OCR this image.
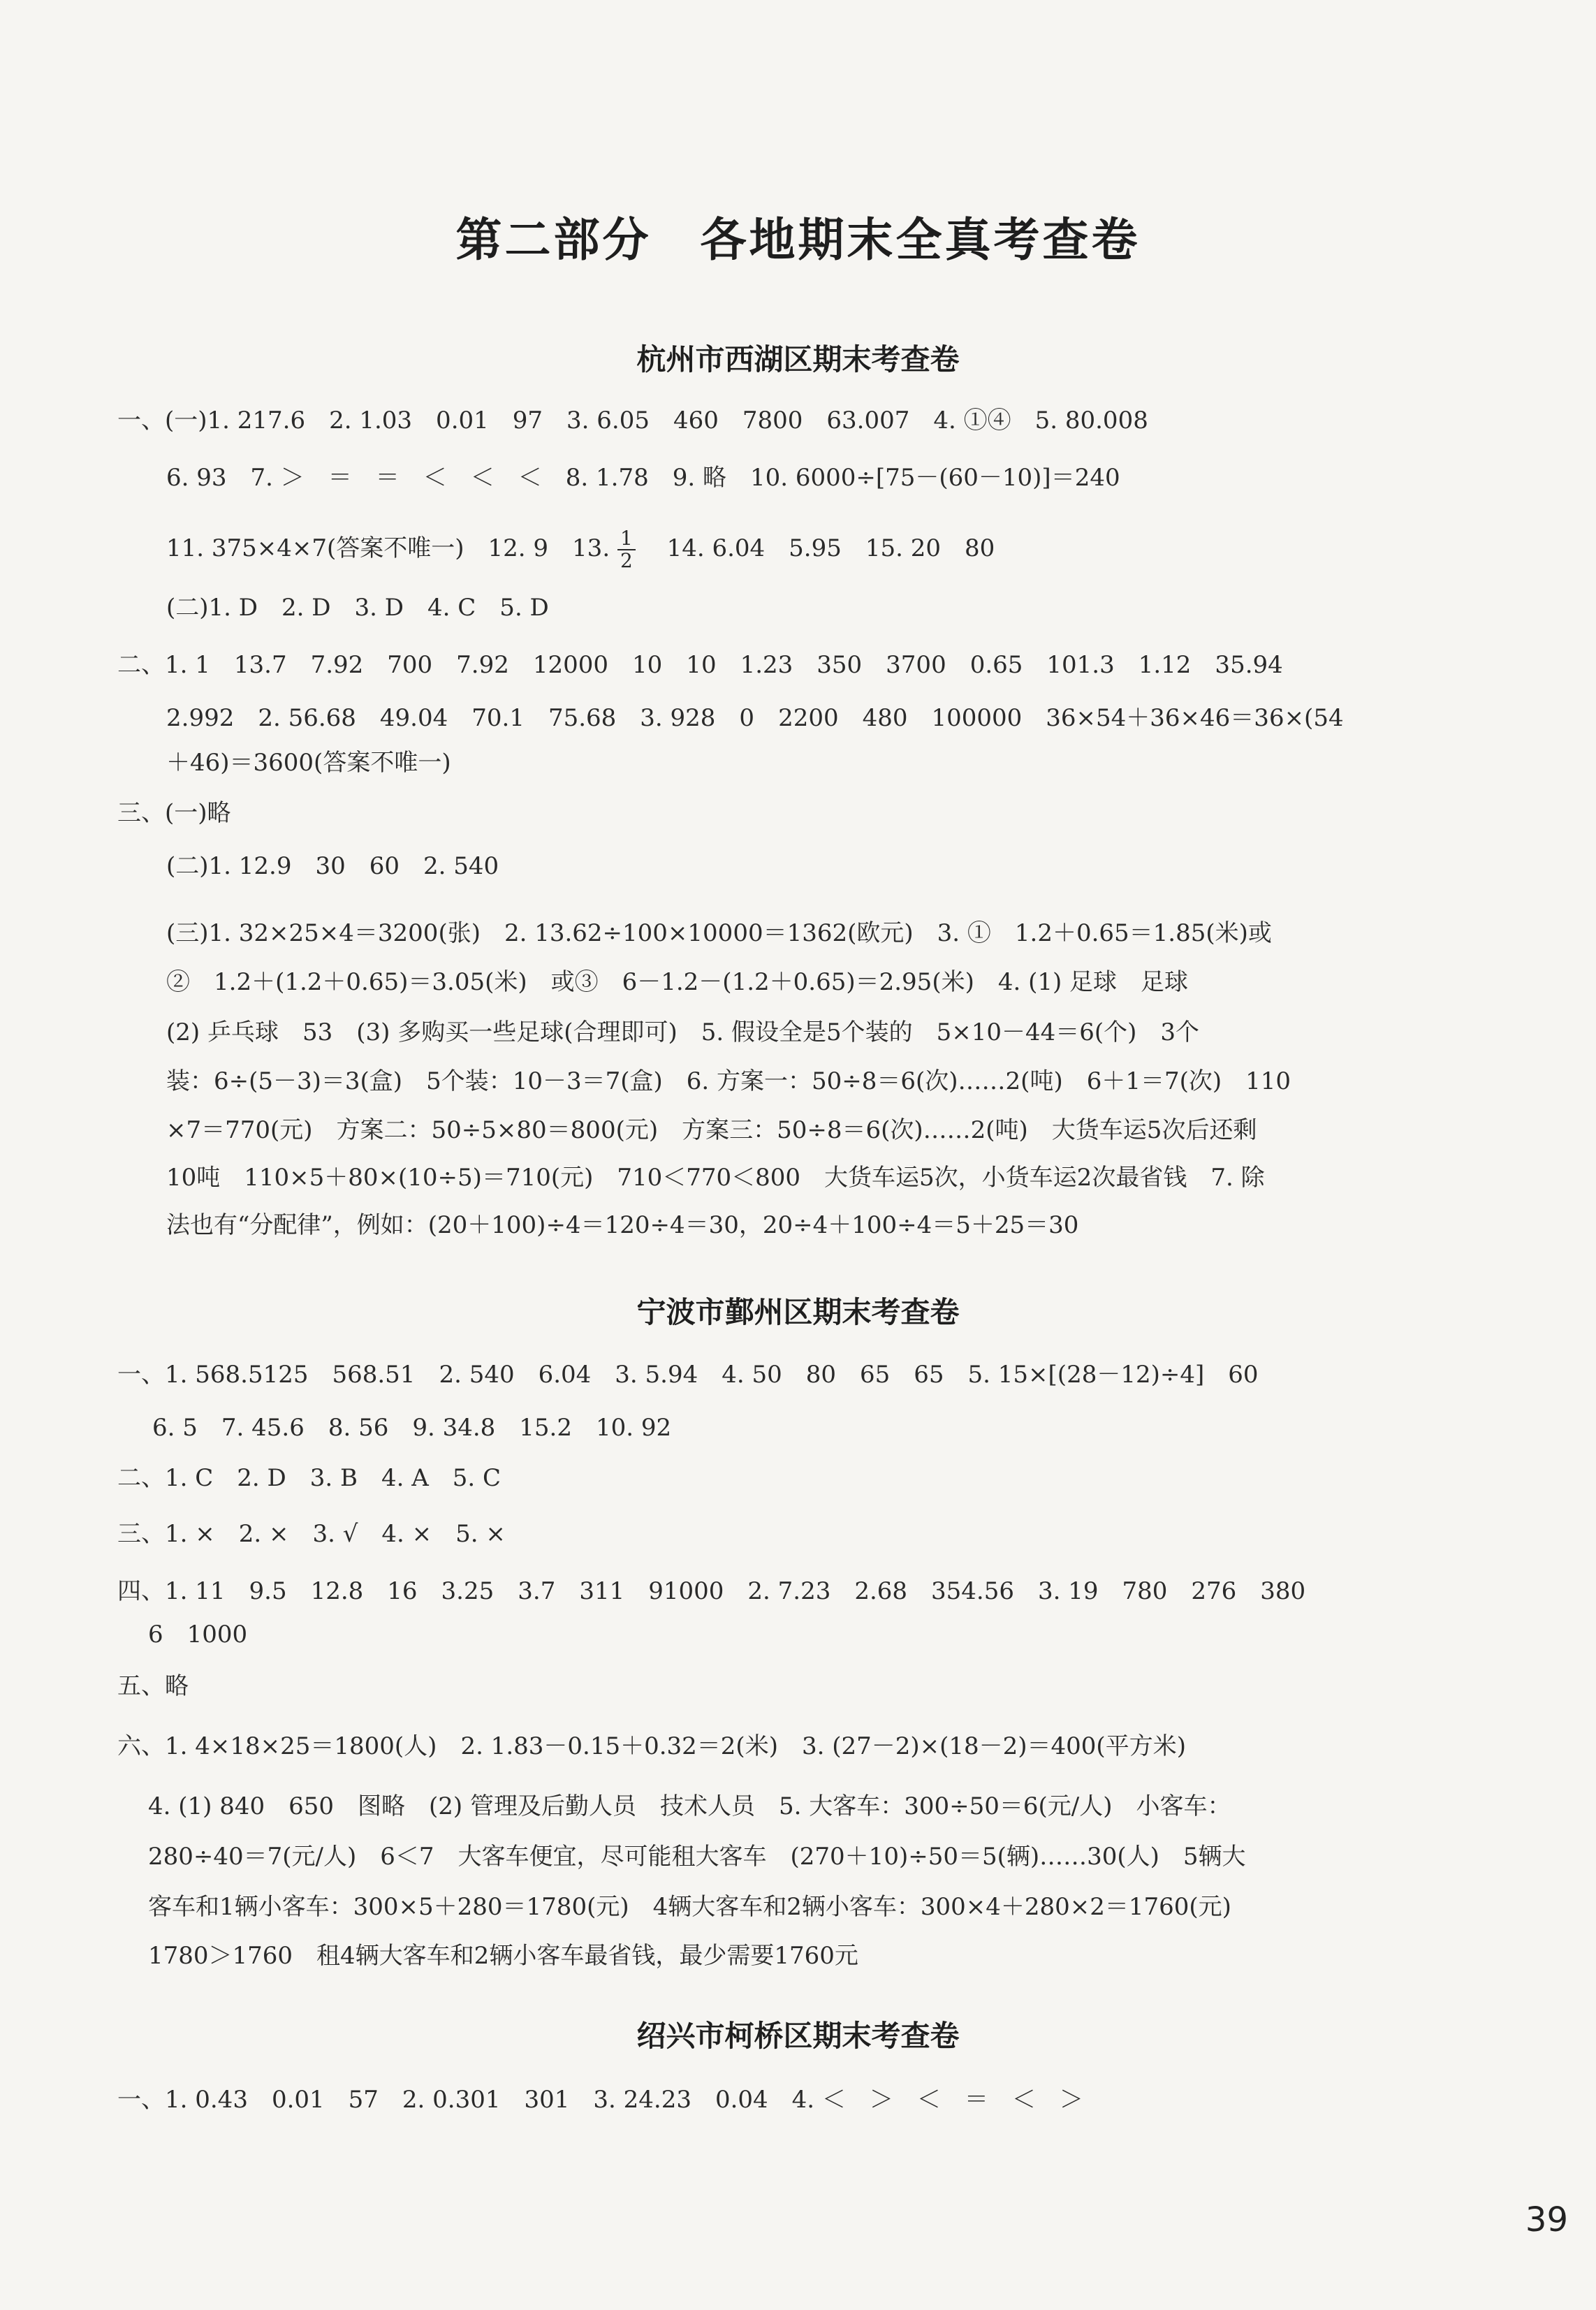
第二部分　各地期末全真考查卷
杭州市西湖区期末考查卷
一、(一)1. 217.6　2. 1.03　0.01　97　3. 6.05　460　7800　63.007　4. ①④　5. 80.008
6. 93　7. ＞　＝　＝　＜　＜　＜　8. 1.78　9. 略　10. 6000÷[75－(60－10)]＝240
11. 375×4×7(答案不唯一)　12. 9　13. $\frac{1}{2}$ 　14. 6.04　5.95　15. 20　80
(二)1. D　2. D　3. D　4. C　5. D
二、1. 1　13.7　7.92　700　7.92　12000　10　10　1.23　350　3700　0.65　101.3　1.12　35.94
2.992　2. 56.68　49.04　70.1　75.68　3. 928　0　2200　480　100000　36×54＋36×46＝36×(54
＋46)＝3600(答案不唯一)
三、(一)略
(二)1. 12.9　30　60　2. 540
(三)1. 32×25×4＝3200(张)　2. 13.62÷100×10000＝1362(欧元)　3. ①　1.2＋0.65＝1.85(米)或
②　1.2＋(1.2＋0.65)＝3.05(米)　或③　6－1.2－(1.2＋0.65)＝2.95(米)　4. (1) 足球　足球
(2) 乒乓球　53　(3) 多购买一些足球(合理即可)　5. 假设全是5个装的　5×10－44＝6(个)　3个
装：6÷(5－3)＝3(盒)　5个装：10－3＝7(盒)　6. 方案一：50÷8＝6(次)……2(吨)　6＋1＝7(次)　110
×7＝770(元)　方案二：50÷5×80＝800(元)　方案三：50÷8＝6(次)……2(吨)　大货车运5次后还剩
10吨　110×5＋80×(10÷5)＝710(元)　710＜770＜800　大货车运5次，小货车运2次最省钱　7. 除
法也有“分配律”，例如：(20＋100)÷4＝120÷4＝30，20÷4＋100÷4＝5＋25＝30
宁波市鄞州区期末考查卷
一、1. 568.5125　568.51　2. 540　6.04　3. 5.94　4. 50　80　65　65　5. 15×[(28－12)÷4]　60
6. 5　7. 45.6　8. 56　9. 34.8　15.2　10. 92
二、1. C　2. D　3. B　4. A　5. C
三、1. ×　2. ×　3. √　4. ×　5. ×
四、1. 11　9.5　12.8　16　3.25　3.7　311　91000　2. 7.23　2.68　354.56　3. 19　780　276　380
6　1000
五、略
六、1. 4×18×25＝1800(人)　2. 1.83－0.15＋0.32＝2(米)　3. (27－2)×(18－2)＝400(平方米)
4. (1) 840　650　图略　(2) 管理及后勤人员　技术人员　5. 大客车：300÷50＝6(元/人)　小客车：
280÷40＝7(元/人)　6＜7　大客车便宜，尽可能租大客车　(270＋10)÷50＝5(辆)……30(人)　5辆大
客车和1辆小客车：300×5＋280＝1780(元)　4辆大客车和2辆小客车：300×4＋280×2＝1760(元)
1780＞1760　租4辆大客车和2辆小客车最省钱，最少需要1760元
绍兴市柯桥区期末考查卷
一、1. 0.43　0.01　57　2. 0.301　301　3. 24.23　0.04　4. ＜　＞　＜　＝　＜　＞
39
